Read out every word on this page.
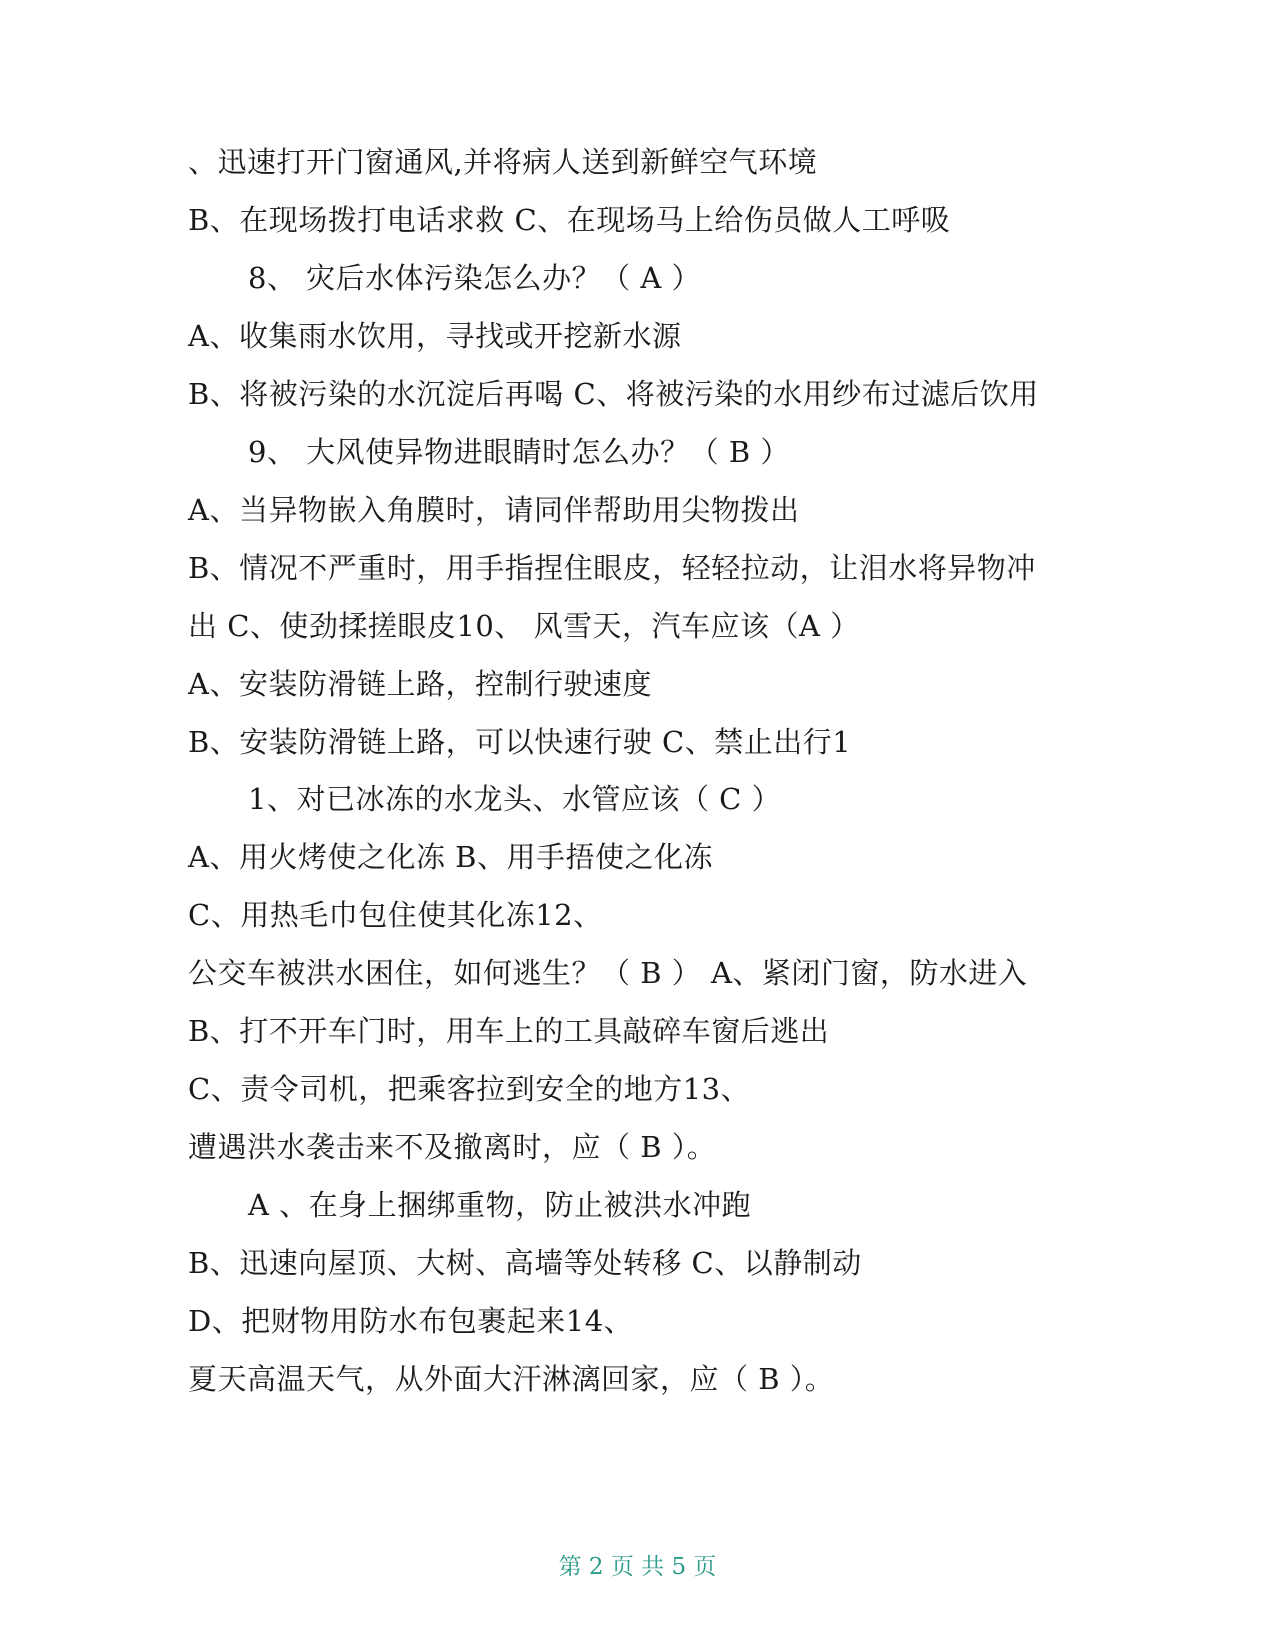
、迅速打开门窗通风,并将病人送到新鲜空气环境
B、在现场拨打电话求救 C、在现场马上给伤员做人工呼吸
8、 灾后水体污染怎么办？（ A ）
A、收集雨水饮用，寻找或开挖新水源
B、将被污染的水沉淀后再喝 C、将被污染的水用纱布过滤后饮用
9、 大风使异物进眼睛时怎么办？（ B ）
A、当异物嵌入角膜时，请同伴帮助用尖物拨出
B、情况不严重时，用手指捏住眼皮，轻轻拉动，让泪水将异物冲
出 C、使劲揉搓眼皮10、 风雪天，汽车应该（A ）
A、安装防滑链上路，控制行驶速度
B、安装防滑链上路，可以快速行驶 C、禁止出行1
1、对已冰冻的水龙头、水管应该（ C ）
A、用火烤使之化冻 B、用手捂使之化冻
C、用热毛巾包住使其化冻12、
公交车被洪水困住，如何逃生？（ B ） A、紧闭门窗，防水进入
B、打不开车门时，用车上的工具敲碎车窗后逃出
C、责令司机，把乘客拉到安全的地方13、
遭遇洪水袭击来不及撤离时，应（ B ）。
A 、在身上捆绑重物，防止被洪水冲跑
B、迅速向屋顶、大树、高墙等处转移 C、以静制动
D、把财物用防水布包裹起来14、
夏天高温天气，从外面大汗淋漓回家，应（ B ）。
第 2 页 共 5 页
